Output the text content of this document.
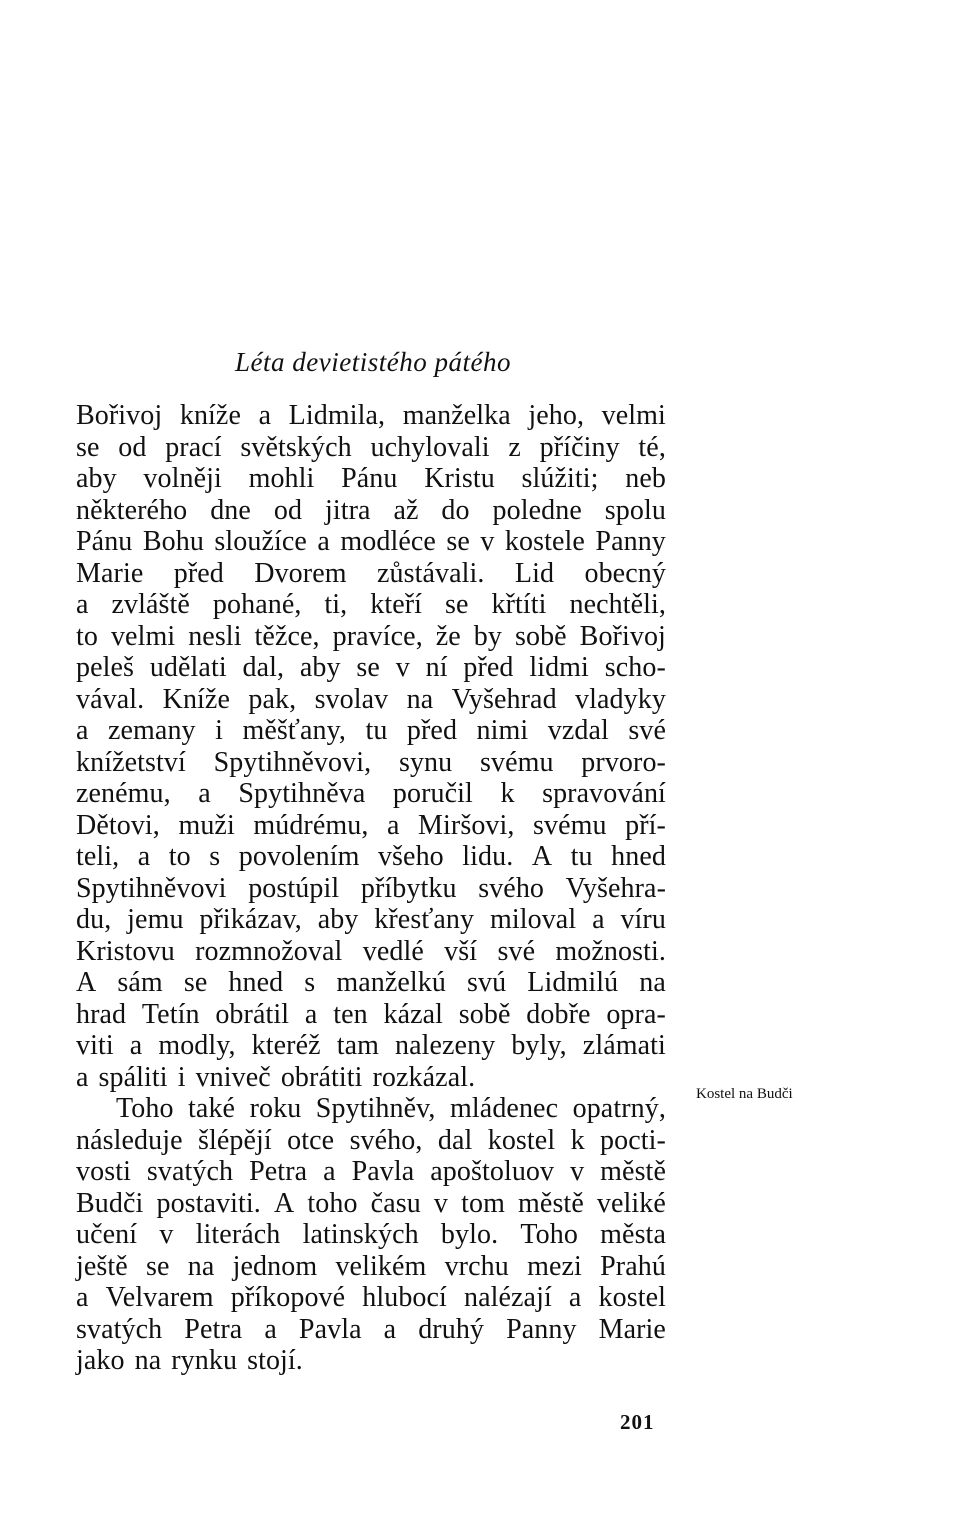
Léta devietistého pátého
Bořivoj kníže a Lidmila, manželka jeho, velmi
se od prací světských uchylovali z příčiny té,
aby volněji mohli Pánu Kristu slúžiti; neb
některého dne od jitra až do poledne spolu
Pánu Bohu sloužíce a modléce se v kostele Panny
Marie před Dvorem zůstávali. Lid obecný
a zvláště pohané, ti, kteří se křtíti nechtěli,
to velmi nesli těžce, pravíce, že by sobě Bořivoj
peleš udělati dal, aby se v ní před lidmi scho-
vával. Kníže pak, svolav na Vyšehrad vladyky
a zemany i měšťany, tu před nimi vzdal své
knížetství Spytihněvovi, synu svému prvoro-
zenému, a Spytihněva poručil k spravování
Dětovi, muži múdrému, a Miršovi, svému pří-
teli, a to s povolením všeho lidu. A tu hned
Spytihněvovi postúpil příbytku svého Vyšehra-
du, jemu přikázav, aby křesťany miloval a víru
Kristovu rozmnožoval vedlé vší své možnosti.
A sám se hned s manželkú svú Lidmilú na
hrad Tetín obrátil a ten kázal sobě dobře opra-
viti a modly, kteréž tam nalezeny byly, zlámati
a spáliti i vniveč obrátiti rozkázal.
Toho také roku Spytihněv, mládenec opatrný,
následuje šlépějí otce svého, dal kostel k pocti-
vosti svatých Petra a Pavla apoštoluov v městě
Budči postaviti. A toho času v tom městě veliké
učení v literách latinských bylo. Toho města
ještě se na jednom velikém vrchu mezi Prahú
a Velvarem příkopové hlubocí nalézají a kostel
svatých Petra a Pavla a druhý Panny Marie
jako na rynku stojí.
Kostel na Budči
201
